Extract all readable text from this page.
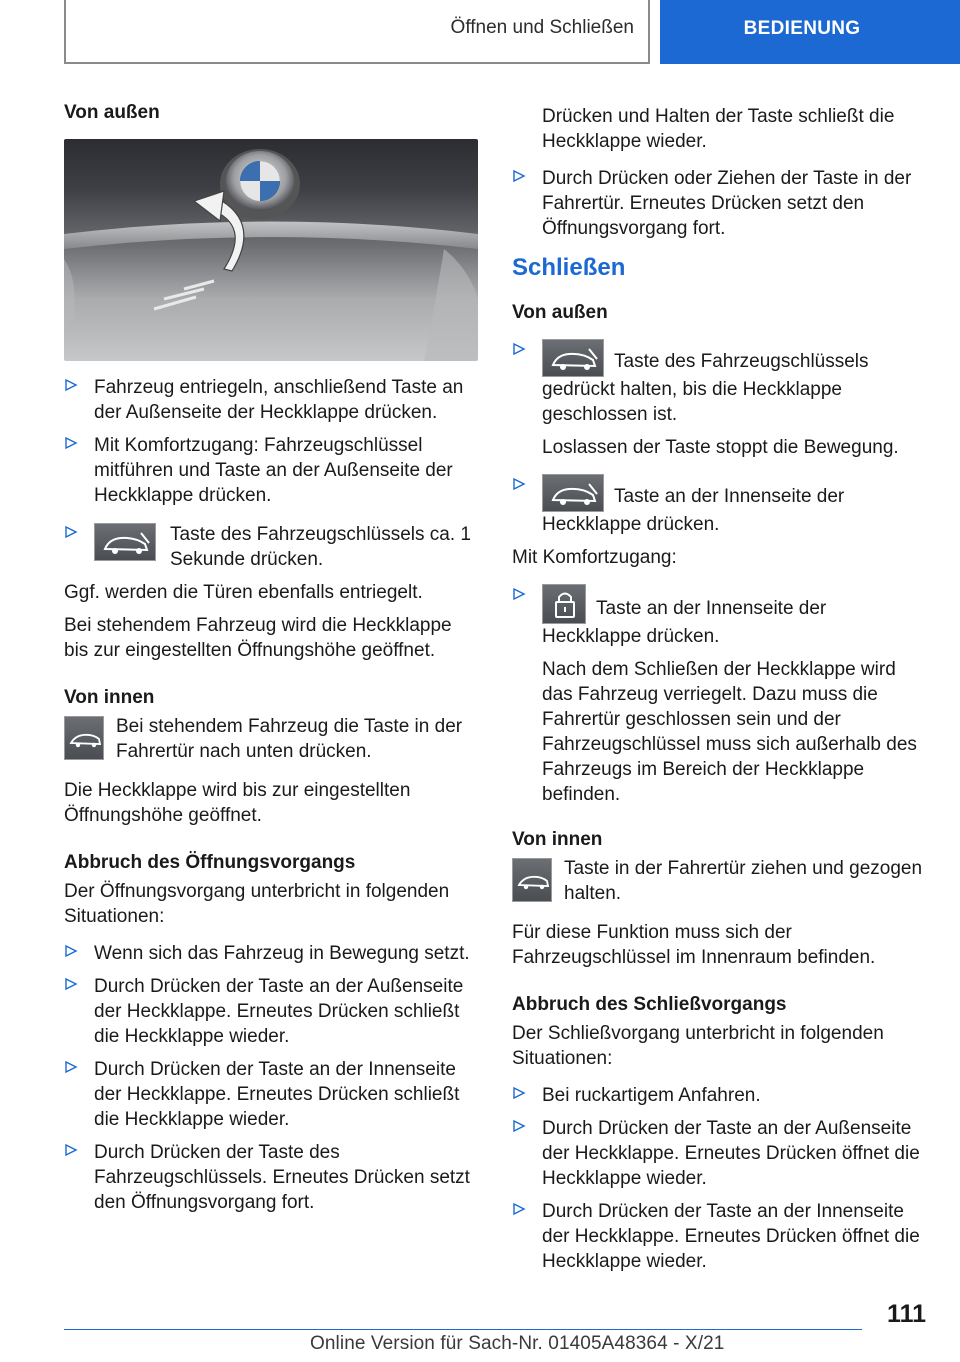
Öffnen und Schließen	BEDIENUNG
Von außen
Fahrzeug entriegeln, anschließend Taste an der Außenseite der Heckklappe drücken.
Mit Komfortzugang: Fahrzeugschlüssel mitführen und Taste an der Außenseite der Heckklappe drücken.
Taste des Fahrzeugschlüssels ca. 1 Sekunde drücken.

Ggf. werden die Türen ebenfalls entriegelt.

Bei stehendem Fahrzeug wird die Heckklappe bis zur eingestellten Öffnungshöhe geöffnet.

Von innen
Bei stehendem Fahrzeug die Taste in der Fahrertür nach unten drücken.

Die Heckklappe wird bis zur eingestellten Öffnungshöhe geöffnet.

Abbruch des Öffnungsvorgangs

Der Öffnungsvorgang unterbricht in folgenden Situationen:

Wenn sich das Fahrzeug in Bewegung setzt.
Durch Drücken der Taste an der Außenseite der Heckklappe. Erneutes Drücken schließt die Heckklappe wieder.
Durch Drücken der Taste an der Innenseite der Heckklappe. Erneutes Drücken schließt die Heckklappe wieder.
Durch Drücken der Taste des Fahrzeugschlüssels. Erneutes Drücken setzt den Öffnungsvorgang fort.

Drücken und Halten der Taste schließt die Heckklappe wieder.

Durch Drücken oder Ziehen der Taste in der Fahrertür. Erneutes Drücken setzt den Öffnungsvorgang fort.
Schließen
Von außen
Taste des Fahrzeugschlüssels gedrückt halten, bis die Heckklappe geschlossen ist.

Loslassen der Taste stoppt die Bewegung.

Taste an der Innenseite der Heckklappe drücken.

Mit Komfortzugang:

Taste an der Innenseite der Heckklappe drücken.

Nach dem Schließen der Heckklappe wird das Fahrzeug verriegelt. Dazu muss die Fahrertür geschlossen sein und der Fahrzeugschlüssel muss sich außerhalb des Fahrzeugs im Bereich der Heckklappe befinden.

Von innen
Taste in der Fahrertür ziehen und gezogen halten.

Für diese Funktion muss sich der Fahrzeugschlüssel im Innenraum befinden.

Abbruch des Schließvorgangs

Der Schließvorgang unterbricht in folgenden Situationen:

Bei ruckartigem Anfahren.
Durch Drücken der Taste an der Außenseite der Heckklappe. Erneutes Drücken öffnet die Heckklappe wieder.
Durch Drücken der Taste an der Innenseite der Heckklappe. Erneutes Drücken öffnet die Heckklappe wieder.
111
Online Version für Sach-Nr. 01405A48364 - X/21
